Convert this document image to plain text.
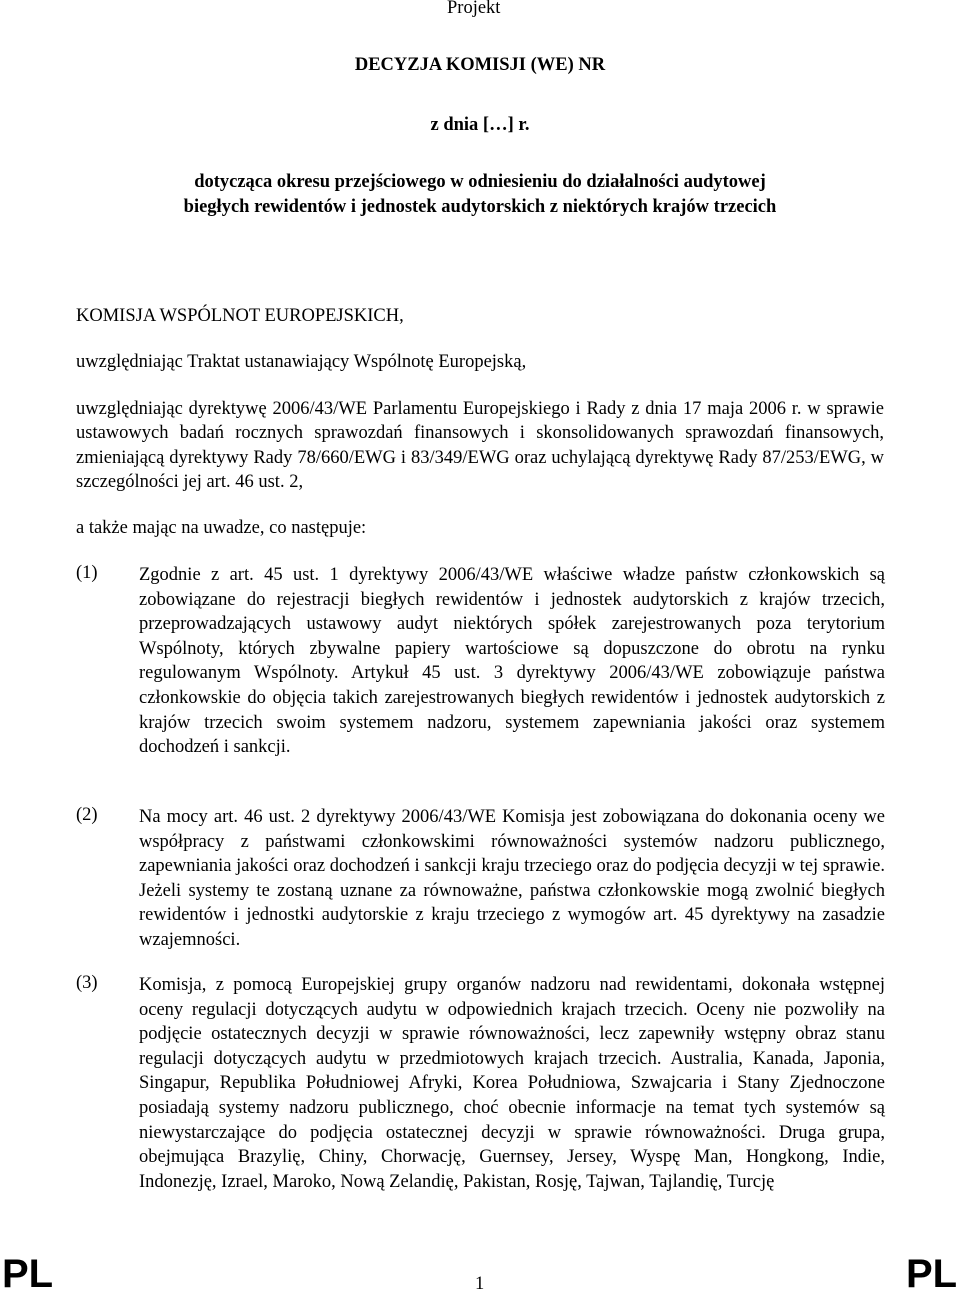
Projekt
DECYZJA KOMISJI (WE) NR
z dnia […] r.
dotycząca okresu przejściowego w odniesieniu do działalności audytowej biegłych rewidentów i jednostek audytorskich z niektórych krajów trzecich
KOMISJA WSPÓLNOT EUROPEJSKICH,
uwzględniając Traktat ustanawiający Wspólnotę Europejską,
uwzględniając dyrektywę 2006/43/WE Parlamentu Europejskiego i Rady z dnia 17 maja 2006 r. w sprawie ustawowych badań rocznych sprawozdań finansowych i skonsolidowanych sprawozdań finansowych, zmieniającą dyrektywy Rady 78/660/EWG i 83/349/EWG oraz uchylającą dyrektywę Rady 87/253/EWG, w szczególności jej art. 46 ust. 2,
a także mając na uwadze, co następuje:
(1) Zgodnie z art. 45 ust. 1 dyrektywy 2006/43/WE właściwe władze państw członkowskich są zobowiązane do rejestracji biegłych rewidentów i jednostek audytorskich z krajów trzecich, przeprowadzających ustawowy audyt niektórych spółek zarejestrowanych poza terytorium Wspólnoty, których zbywalne papiery wartościowe są dopuszczone do obrotu na rynku regulowanym Wspólnoty. Artykuł 45 ust. 3 dyrektywy 2006/43/WE zobowiązuje państwa członkowskie do objęcia takich zarejestrowanych biegłych rewidentów i jednostek audytorskich z krajów trzecich swoim systemem nadzoru, systemem zapewniania jakości oraz systemem dochodzeń i sankcji.
(2) Na mocy art. 46 ust. 2 dyrektywy 2006/43/WE Komisja jest zobowiązana do dokonania oceny we współpracy z państwami członkowskimi równoważności systemów nadzoru publicznego, zapewniania jakości oraz dochodzeń i sankcji kraju trzeciego oraz do podjęcia decyzji w tej sprawie. Jeżeli systemy te zostaną uznane za równoważne, państwa członkowskie mogą zwolnić biegłych rewidentów i jednostki audytorskie z kraju trzeciego z wymogów art. 45 dyrektywy na zasadzie wzajemności.
(3) Komisja, z pomocą Europejskiej grupy organów nadzoru nad rewidentami, dokonała wstępnej oceny regulacji dotyczących audytu w odpowiednich krajach trzecich. Oceny nie pozwoliły na podjęcie ostatecznych decyzji w sprawie równoważności, lecz zapewniły wstępny obraz stanu regulacji dotyczących audytu w przedmiotowych krajach trzecich. Australia, Kanada, Japonia, Singapur, Republika Południowej Afryki, Korea Południowa, Szwajcaria i Stany Zjednoczone posiadają systemy nadzoru publicznego, choć obecnie informacje na temat tych systemów są niewystarczające do podjęcia ostatecznej decyzji w sprawie równoważności. Druga grupa, obejmująca Brazylię, Chiny, Chorwację, Guernsey, Jersey, Wyspę Man, Hongkong, Indie, Indonezję, Izrael, Maroko, Nową Zelandię, Pakistan, Rosję, Tajwan, Tajlandię, Turcję
PL	1	PL
